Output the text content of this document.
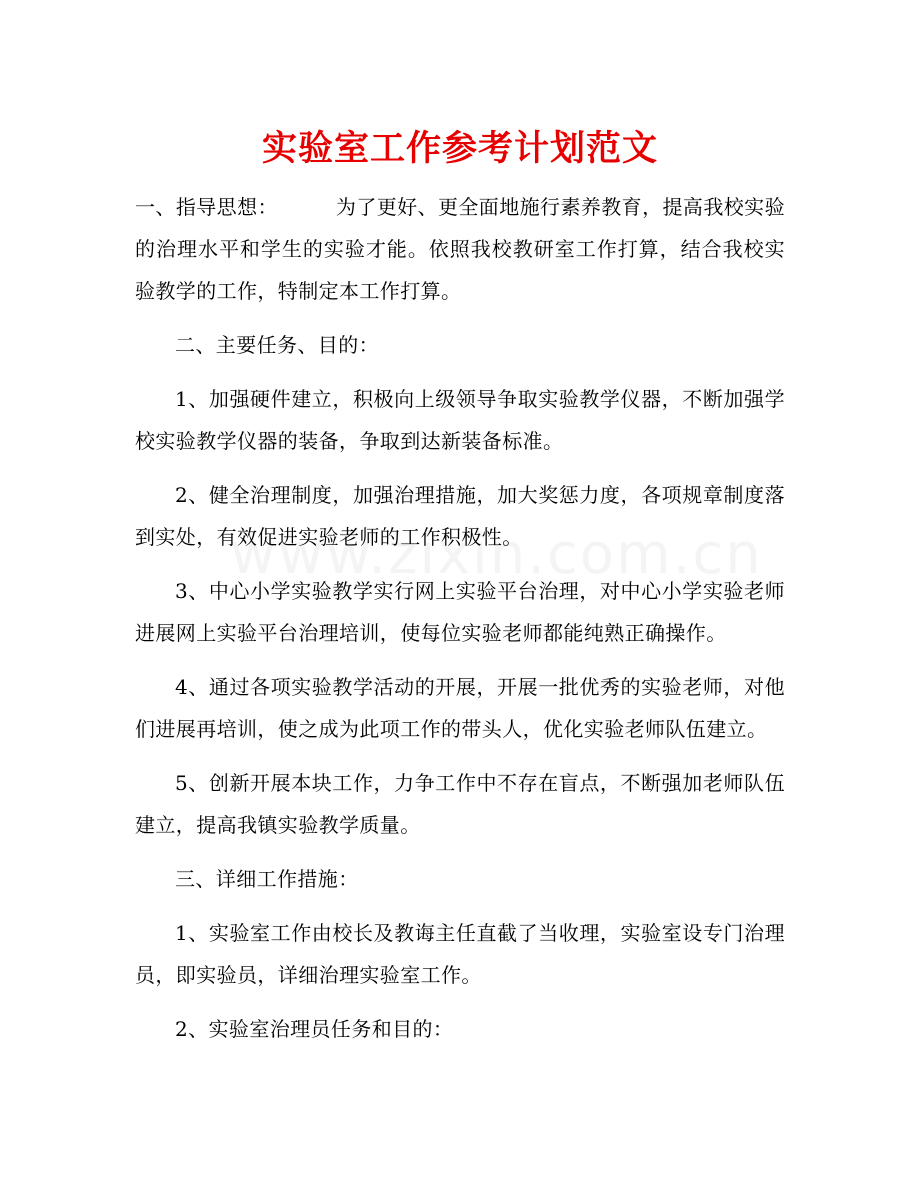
实验室工作参考计划范文

一、指导思想：	为了更好、更全面地施行素养教育，提高我校实验的治理水平和学生的实验才能。依照我校教研室工作打算，结合我校实验教学的工作，特制定本工作打算。

二、主要任务、目的：

1、加强硬件建立，积极向上级领导争取实验教学仪器，不断加强学校实验教学仪器的装备，争取到达新装备标准。

2、健全治理制度，加强治理措施，加大奖惩力度，各项规章制度落到实处，有效促进实验老师的工作积极性。

3、中心小学实验教学实行网上实验平台治理，对中心小学实验老师进展网上实验平台治理培训，使每位实验老师都能纯熟正确操作。

4、通过各项实验教学活动的开展，开展一批优秀的实验老师，对他们进展再培训，使之成为此项工作的带头人，优化实验老师队伍建立。

5、创新开展本块工作，力争工作中不存在盲点，不断强加老师队伍建立，提高我镇实验教学质量。

三、详细工作措施：

1、实验室工作由校长及教诲主任直截了当收理，实验室设专门治理员，即实验员，详细治理实验室工作。

2、实验室治理员任务和目的：
